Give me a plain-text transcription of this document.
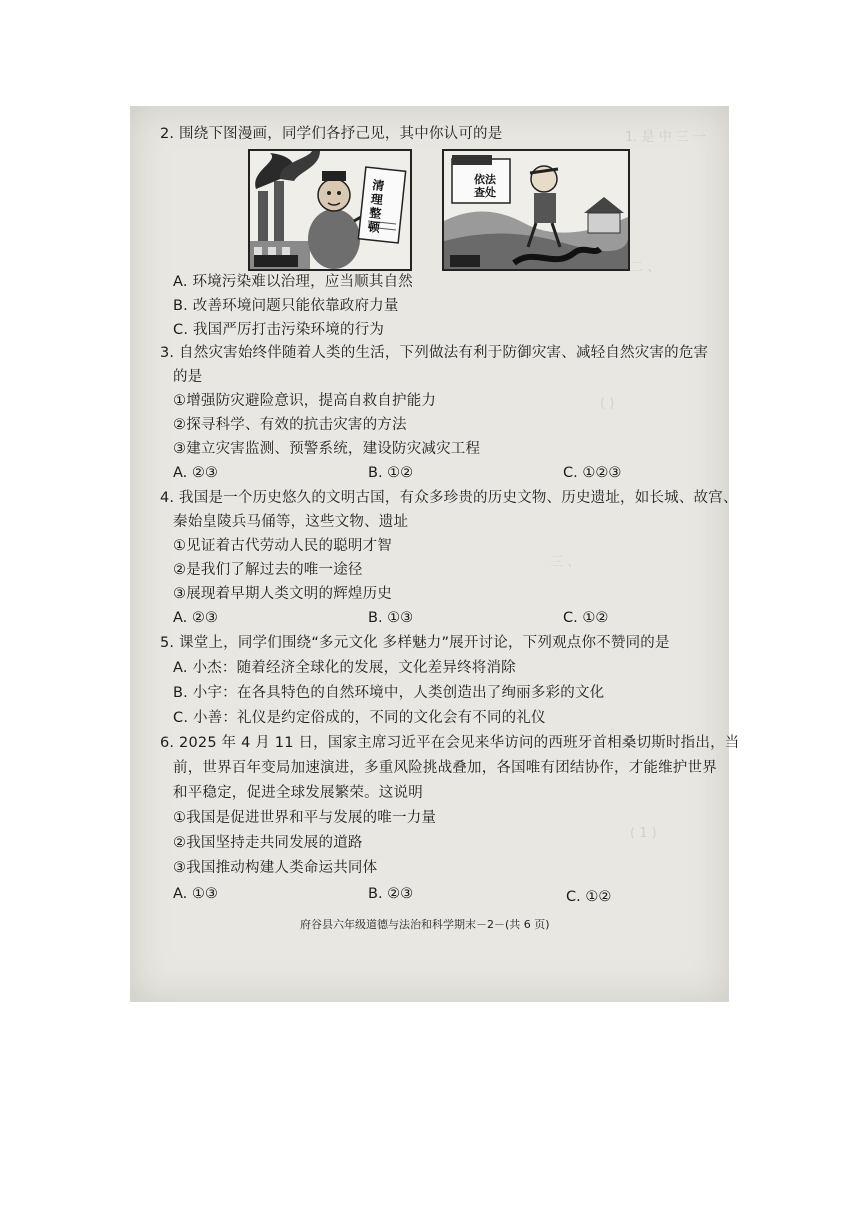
1. 是 中 三 一
二 、
( )
三 、
。
( 1 )
2. 围绕下图漫画，同学们各抒己见，其中你认可的是
清理整顿
依法
查处
A. 环境污染难以治理，应当顺其自然
B. 改善环境问题只能依靠政府力量
C. 我国严厉打击污染环境的行为
3. 自然灾害始终伴随着人类的生活，下列做法有利于防御灾害、减轻自然灾害的危害
的是
①增强防灾避险意识，提高自救自护能力
②探寻科学、有效的抗击灾害的方法
③建立灾害监测、预警系统，建设防灾减灾工程
A. ②③	B. ①②	C. ①②③
4. 我国是一个历史悠久的文明古国，有众多珍贵的历史文物、历史遗址，如长城、故宫、
秦始皇陵兵马俑等，这些文物、遗址
①见证着古代劳动人民的聪明才智
②是我们了解过去的唯一途径
③展现着早期人类文明的辉煌历史
A. ②③	B. ①③	C. ①②
5. 课堂上，同学们围绕“多元文化 多样魅力”展开讨论，下列观点你不赞同的是
A. 小杰：随着经济全球化的发展，文化差异终将消除
B. 小宇：在各具特色的自然环境中，人类创造出了绚丽多彩的文化
C. 小善：礼仪是约定俗成的，不同的文化会有不同的礼仪
6. 2025 年 4 月 11 日，国家主席习近平在会见来华访问的西班牙首相桑切斯时指出，当
前，世界百年变局加速演进，多重风险挑战叠加，各国唯有团结协作，才能维护世界
和平稳定，促进全球发展繁荣。这说明
①我国是促进世界和平与发展的唯一力量
②我国坚持走共同发展的道路
③我国推动构建人类命运共同体
A. ①③	B. ②③	C. ①②
府谷县六年级道德与法治和科学期末－2－(共 6 页)
